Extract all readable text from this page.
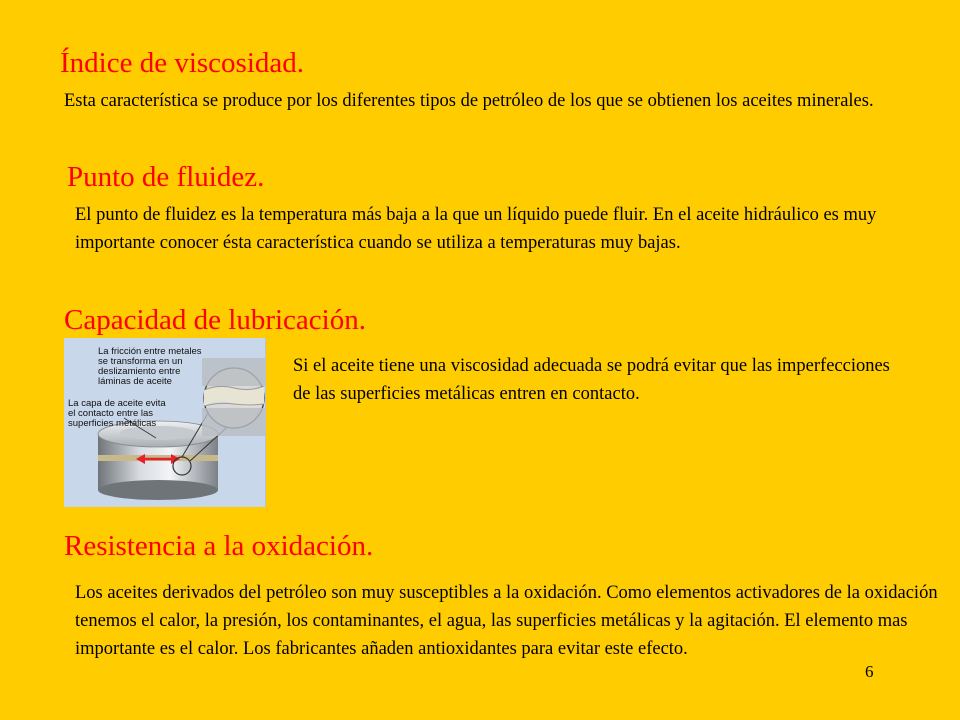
Índice de viscosidad.
Esta característica se produce por los diferentes tipos de petróleo de los que se obtienen los aceites minerales.
Punto de fluidez.
El punto de fluidez es la temperatura más baja a la que un líquido puede fluir. En el aceite hidráulico es muy importante conocer ésta característica cuando se utiliza a temperaturas muy bajas.
Capacidad de lubricación.
La fricción entre metales
se transforma en un
deslizamiento entre
láminas de aceite
La capa de aceite evita
el contacto entre las
superficies metálicas
Si el aceite tiene una viscosidad adecuada se podrá evitar que las imperfecciones de las superficies metálicas entren en contacto.
Resistencia a la oxidación.
Los aceites derivados del petróleo son muy susceptibles a la oxidación. Como elementos activadores de la oxidación tenemos el calor, la presión, los contaminantes, el agua, las superficies metálicas y la agitación. El elemento mas importante es el calor. Los fabricantes añaden antioxidantes para evitar este efecto.
6
